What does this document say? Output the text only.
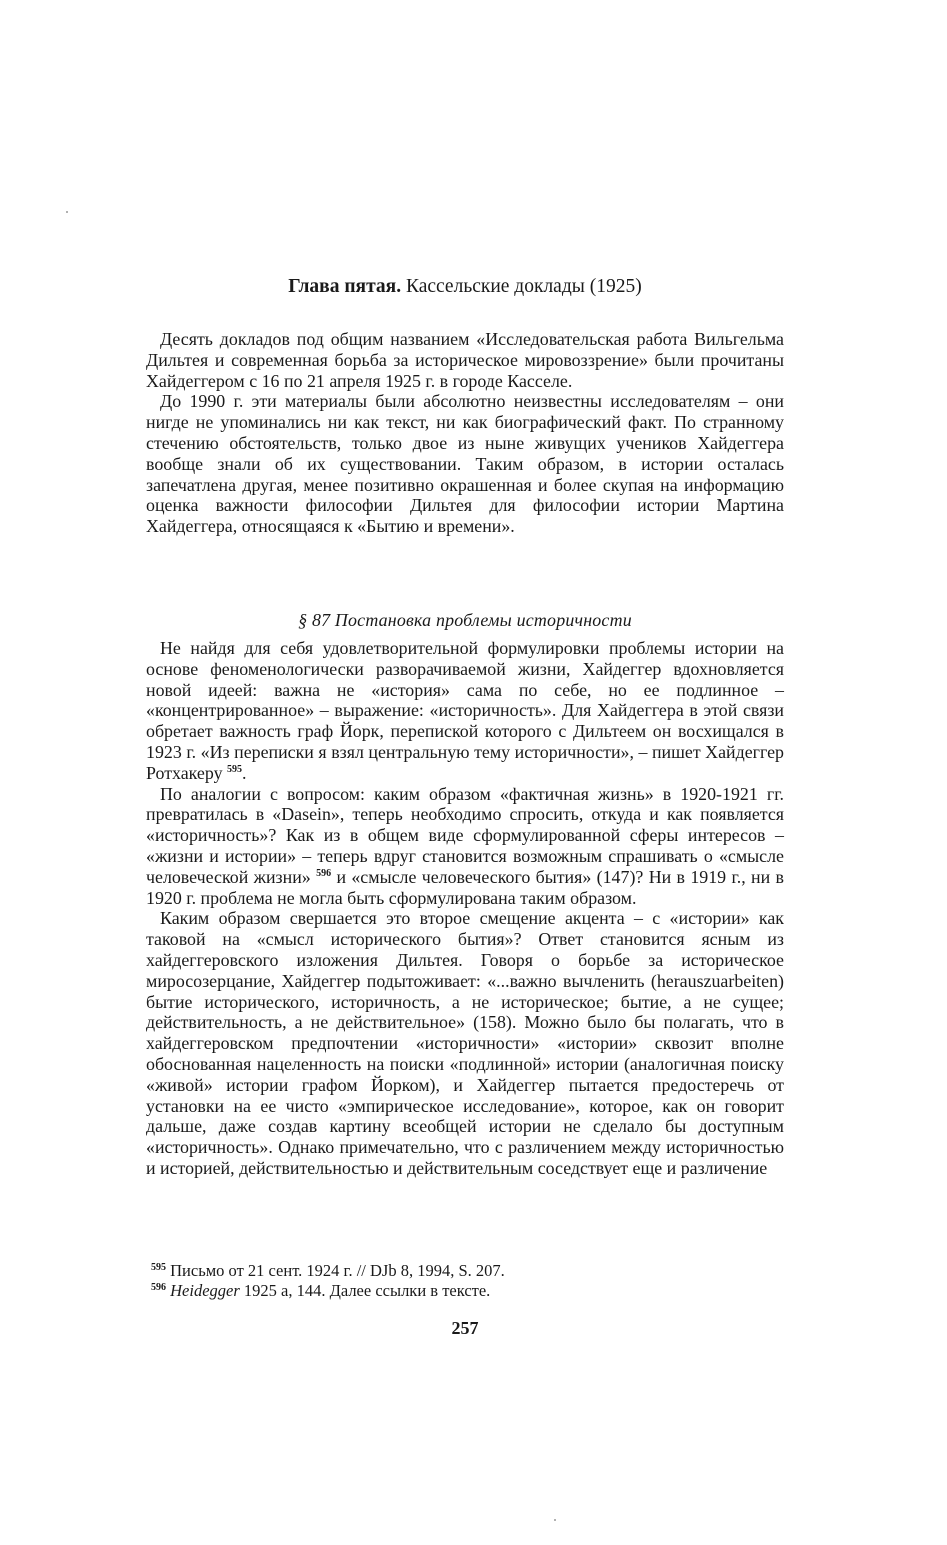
Глава пятая. Кассельские доклады (1925)

Десять докладов под общим названием «Исследовательская работа Вильгельма Дильтея и современная борьба за историческое мировоззрение» были прочитаны Хайдеггером с 16 по 21 апреля 1925 г. в городе Касселе.

До 1990 г. эти материалы были абсолютно неизвестны исследователям – они нигде не упоминались ни как текст, ни как биографический факт. По странному стечению обстоятельств, только двое из ныне живущих учеников Хайдеггера вообще знали об их существовании. Таким образом, в истории осталась запечатлена другая, менее позитивно окрашенная и более скупая на информацию оценка важности философии Дильтея для философии истории Мартина Хайдеггера, относящаяся к «Бытию и времени».

§ 87 Постановка проблемы историчности

Не найдя для себя удовлетворительной формулировки проблемы истории на основе феноменологически разворачиваемой жизни, Хайдеггер вдохновляется новой идеей: важна не «история» сама по себе, но ее подлинное – «концентрированное» – выражение: «историчность». Для Хайдеггера в этой связи обретает важность граф Йорк, перепиской которого с Дильтеем он восхищался в 1923 г. «Из переписки я взял центральную тему историчности», – пишет Хайдеггер Ротхакеру $^{595}$.

По аналогии с вопросом: каким образом «фактичная жизнь» в 1920-1921 гг. превратилась в «Dasein», теперь необходимо спросить, откуда и как появляется «историчность»? Как из в общем виде сформулированной сферы интересов – «жизни и истории» – теперь вдруг становится возможным спрашивать о «смысле человеческой жизни» $^{596}$ и «смысле человеческого бытия» (147)? Ни в 1919 г., ни в 1920 г. проблема не могла быть сформулирована таким образом.

Каким образом свершается это второе смещение акцента – с «истории» как таковой на «смысл исторического бытия»? Ответ становится ясным из хайдеггеровского изложения Дильтея. Говоря о борьбе за историческое миросозерцание, Хайдеггер подытоживает: «...важно вычленить (herauszuarbeiten) бытие исторического, историчность, а не историческое; бытие, а не сущее; действительность, а не действительное» (158). Можно было бы полагать, что в хайдеггеровском предпочтении «историчности» «истории» сквозит вполне обоснованная нацеленность на поиски «подлинной» истории (аналогичная поиску «живой» истории графом Йорком), и Хайдеггер пытается предостеречь от установки на ее чисто «эмпирическое исследование», которое, как он говорит дальше, даже создав картину всеобщей истории не сделало бы доступным «историчность». Однако примечательно, что с различением между историчностью и историей, действительностью и действительным соседствует еще и различение

$^{595}$ Письмо от 21 сент. 1924 г. // DJb 8, 1994, S. 207.
$^{596}$ Heidegger 1925 a, 144. Далее ссылки в тексте.
257
